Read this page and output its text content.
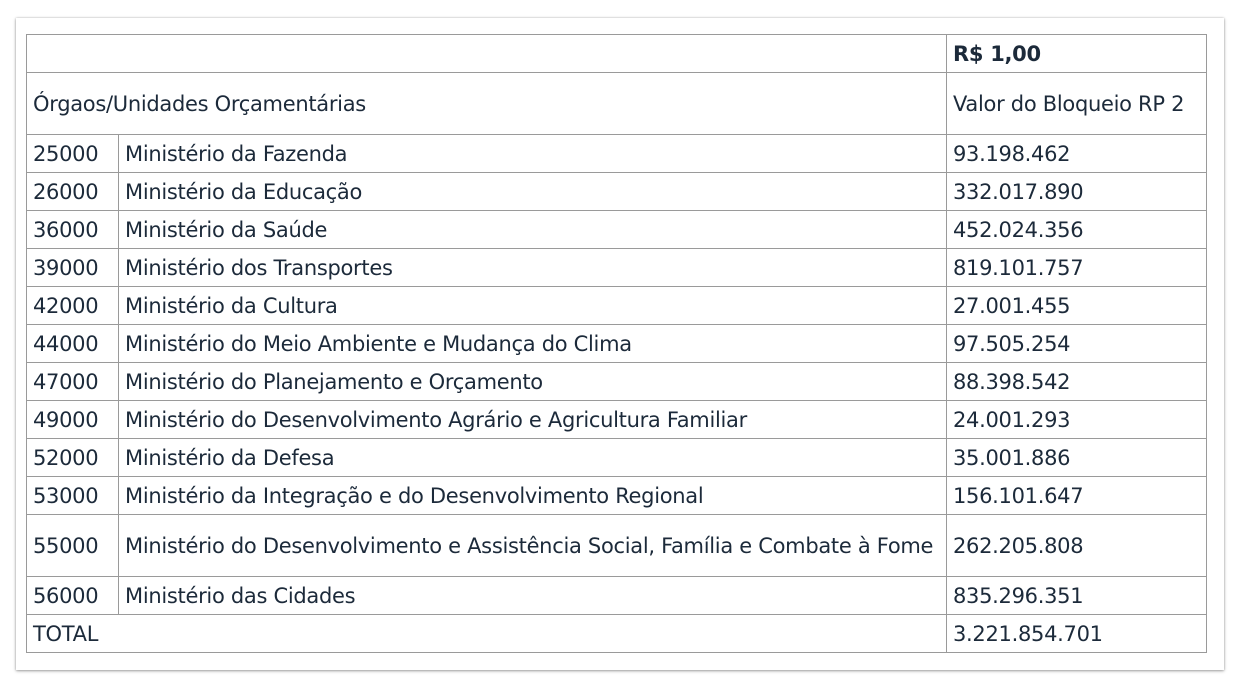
		R$ 1,00
Órgaos/Unidades Orçamentárias		Valor do Bloqueio RP 2
25000	Ministério da Fazenda	93.198.462
26000	Ministério da Educação	332.017.890
36000	Ministério da Saúde	452.024.356
39000	Ministério dos Transportes	819.101.757
42000	Ministério da Cultura	27.001.455
44000	Ministério do Meio Ambiente e Mudança do Clima	97.505.254
47000	Ministério do Planejamento e Orçamento	88.398.542
49000	Ministério do Desenvolvimento Agrário e Agricultura Familiar	24.001.293
52000	Ministério da Defesa	35.001.886
53000	Ministério da Integração e do Desenvolvimento Regional	156.101.647
55000	Ministério do Desenvolvimento e Assistência Social, Família e Combate à Fome	262.205.808
56000	Ministério das Cidades	835.296.351
TOTAL		3.221.854.701
